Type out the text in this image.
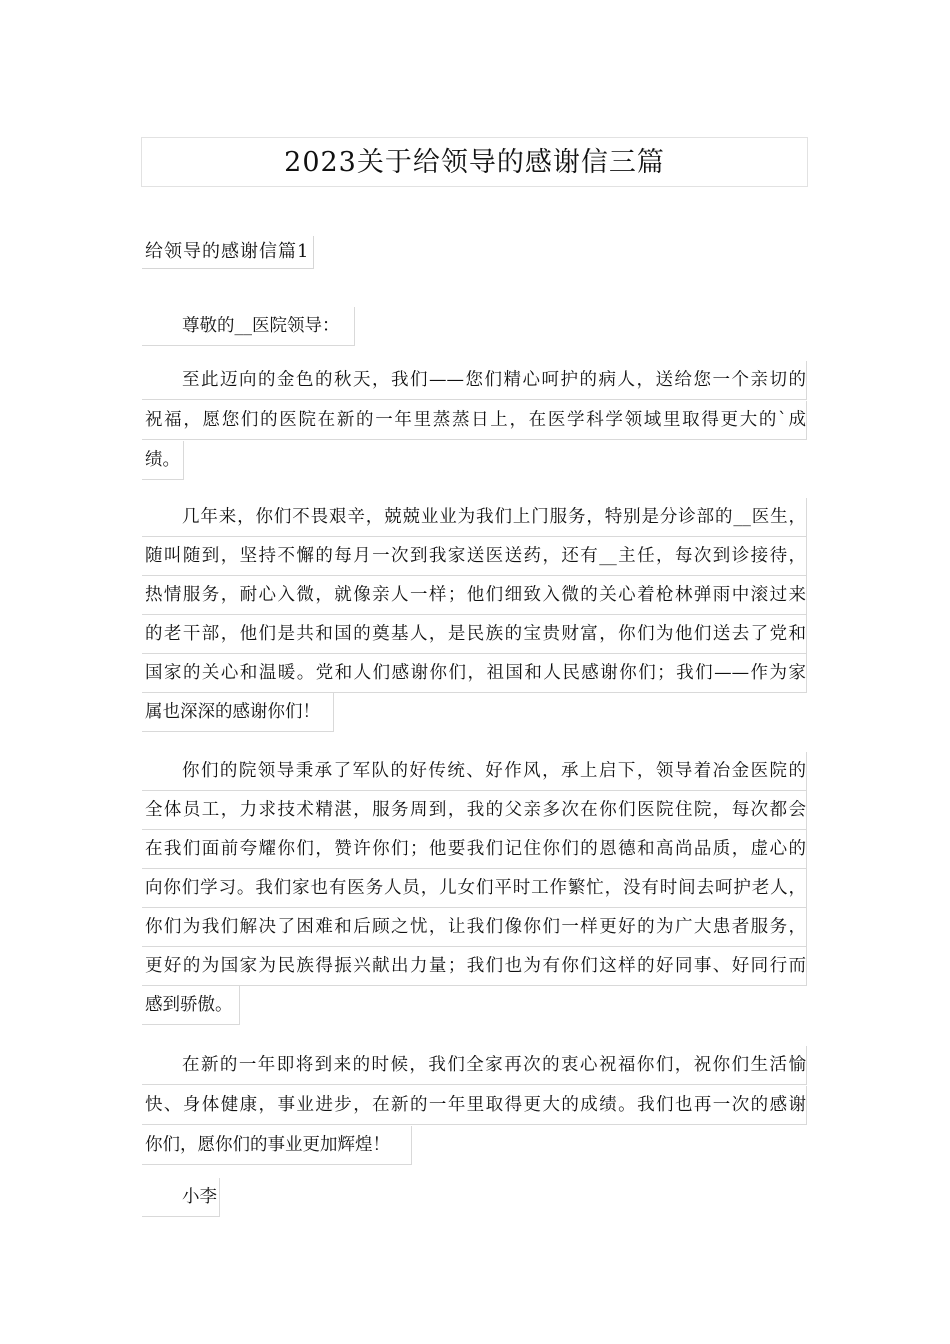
2023关于给领导的感谢信三篇
给领导的感谢信篇1
尊敬的__医院领导：
至此迈向的金色的秋天，我们——您们精心呵护的病人，送给您一个亲切的
祝福，愿您们的医院在新的一年里蒸蒸日上，在医学科学领域里取得更大的`成
绩。
几年来，你们不畏艰辛，兢兢业业为我们上门服务，特别是分诊部的__医生，
随叫随到，坚持不懈的每月一次到我家送医送药，还有__主任，每次到诊接待，
热情服务，耐心入微，就像亲人一样；他们细致入微的关心着枪林弹雨中滚过来
的老干部，他们是共和国的奠基人，是民族的宝贵财富，你们为他们送去了党和
国家的关心和温暖。党和人们感谢你们，祖国和人民感谢你们；我们——作为家
属也深深的感谢你们！
你们的院领导秉承了军队的好传统、好作风，承上启下，领导着冶金医院的
全体员工，力求技术精湛，服务周到，我的父亲多次在你们医院住院，每次都会
在我们面前夸耀你们，赞许你们；他要我们记住你们的恩德和高尚品质，虚心的
向你们学习。我们家也有医务人员，儿女们平时工作繁忙，没有时间去呵护老人，
你们为我们解决了困难和后顾之忧，让我们像你们一样更好的为广大患者服务，
更好的为国家为民族得振兴献出力量；我们也为有你们这样的好同事、好同行而
感到骄傲。
在新的一年即将到来的时候，我们全家再次的衷心祝福你们，祝你们生活愉
快、身体健康，事业进步，在新的一年里取得更大的成绩。我们也再一次的感谢
你们，愿你们的事业更加辉煌！
小李
